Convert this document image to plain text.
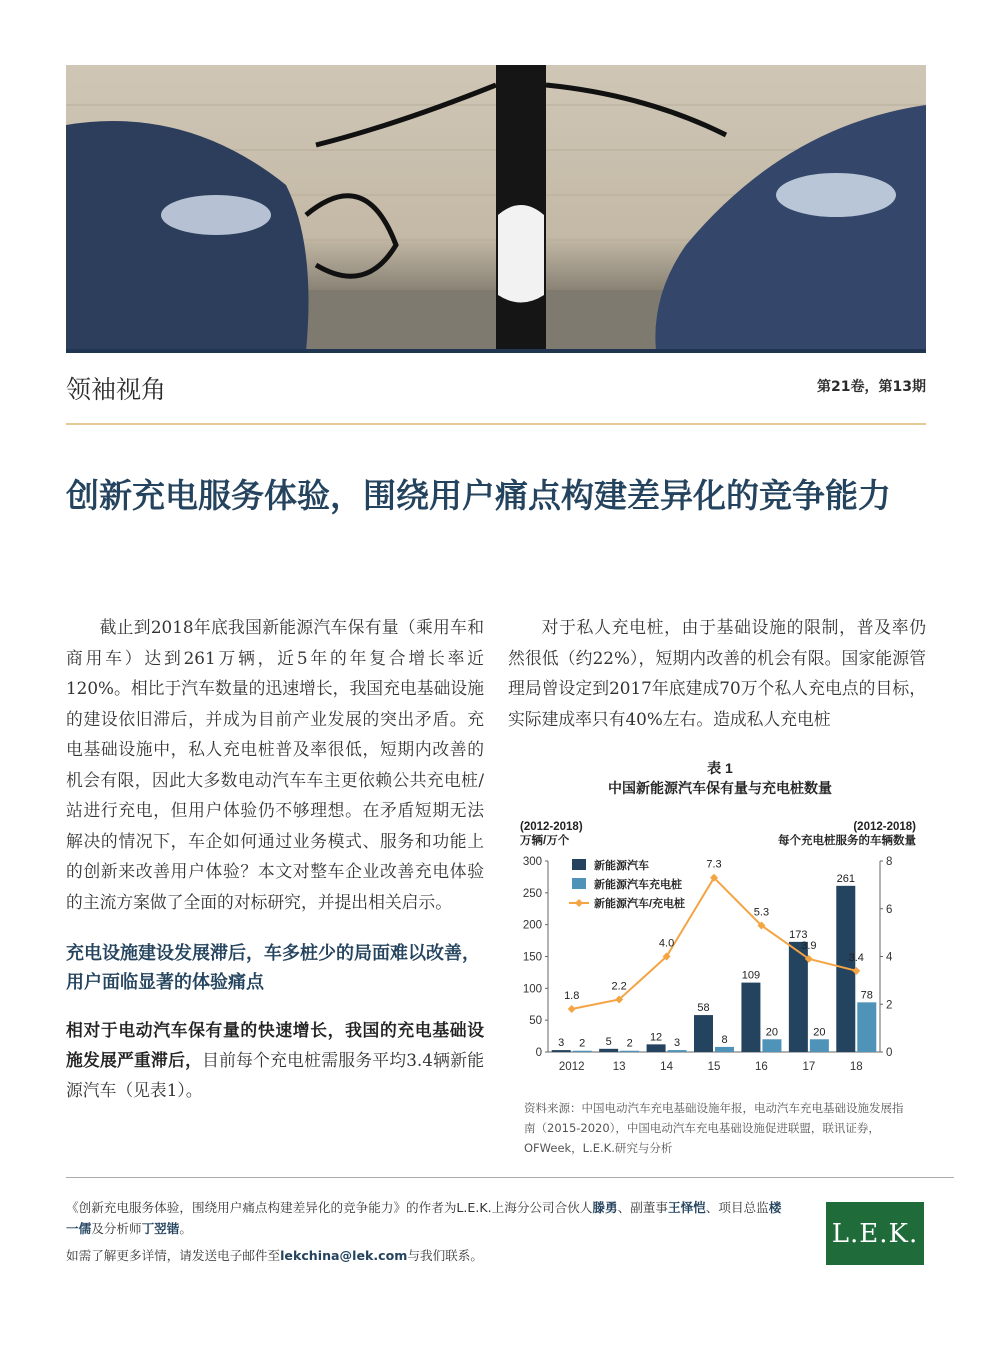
领袖视角	第21卷，第13期
创新充电服务体验，围绕用户痛点构建差异化的竞争能力

截止到2018年底我国新能源汽车保有量（乘用车和商用车）达到261万辆，近5年的年复合增长率近120%。相比于汽车数量的迅速增长，我国充电基础设施的建设依旧滞后，并成为目前产业发展的突出矛盾。充电基础设施中，私人充电桩普及率很低，短期内改善的机会有限，因此大多数电动汽车车主更依赖公共充电桩/站进行充电，但用户体验仍不够理想。在矛盾短期无法解决的情况下，车企如何通过业务模式、服务和功能上的创新来改善用户体验？本文对整车企业改善充电体验的主流方案做了全面的对标研究，并提出相关启示。

充电设施建设发展滞后，车多桩少的局面难以改善，用户面临显著的体验痛点

相对于电动汽车保有量的快速增长，我国的充电基础设施发展严重滞后，目前每个充电桩需服务平均3.4辆新能源汽车（见表1）。

对于私人充电桩，由于基础设施的限制，普及率仍然很低（约22%），短期内改善的机会有限。国家能源管理局曾设定到2017年底建成70万个私人充电点的目标，实际建成率只有40%左右。造成私人充电桩

表 1
中国新能源汽车保有量与充电桩数量
(2012-2018)
万辆/万个
(2012-2018)
每个充电桩服务的车辆数量
0
50
100
150
200
250
300
0
2
4
6
8
3 2
2012
5 2
13
12 3
14
58
8
15
109
20
16
173
20
17
261
78
18
1.8
2.2
4.0
7.3
5.3
3.9
3.4
新能源汽车
新能源汽车充电桩
新能源汽车/充电桩
资料来源：中国电动汽车充电基础设施年报，电动汽车充电基础设施发展指南（2015-2020），中国电动汽车充电基础设施促进联盟，联讯证券，OFWeek，L.E.K.研究与分析
《创新充电服务体验，围绕用户痛点构建差异化的竞争能力》的作者为L.E.K.上海分公司合伙人滕勇、副董事王怿恺、项目总监楼一儒及分析师丁翌锴。
如需了解更多详情，请发送电子邮件至lekchina@lek.com与我们联系。
L.E.K.
